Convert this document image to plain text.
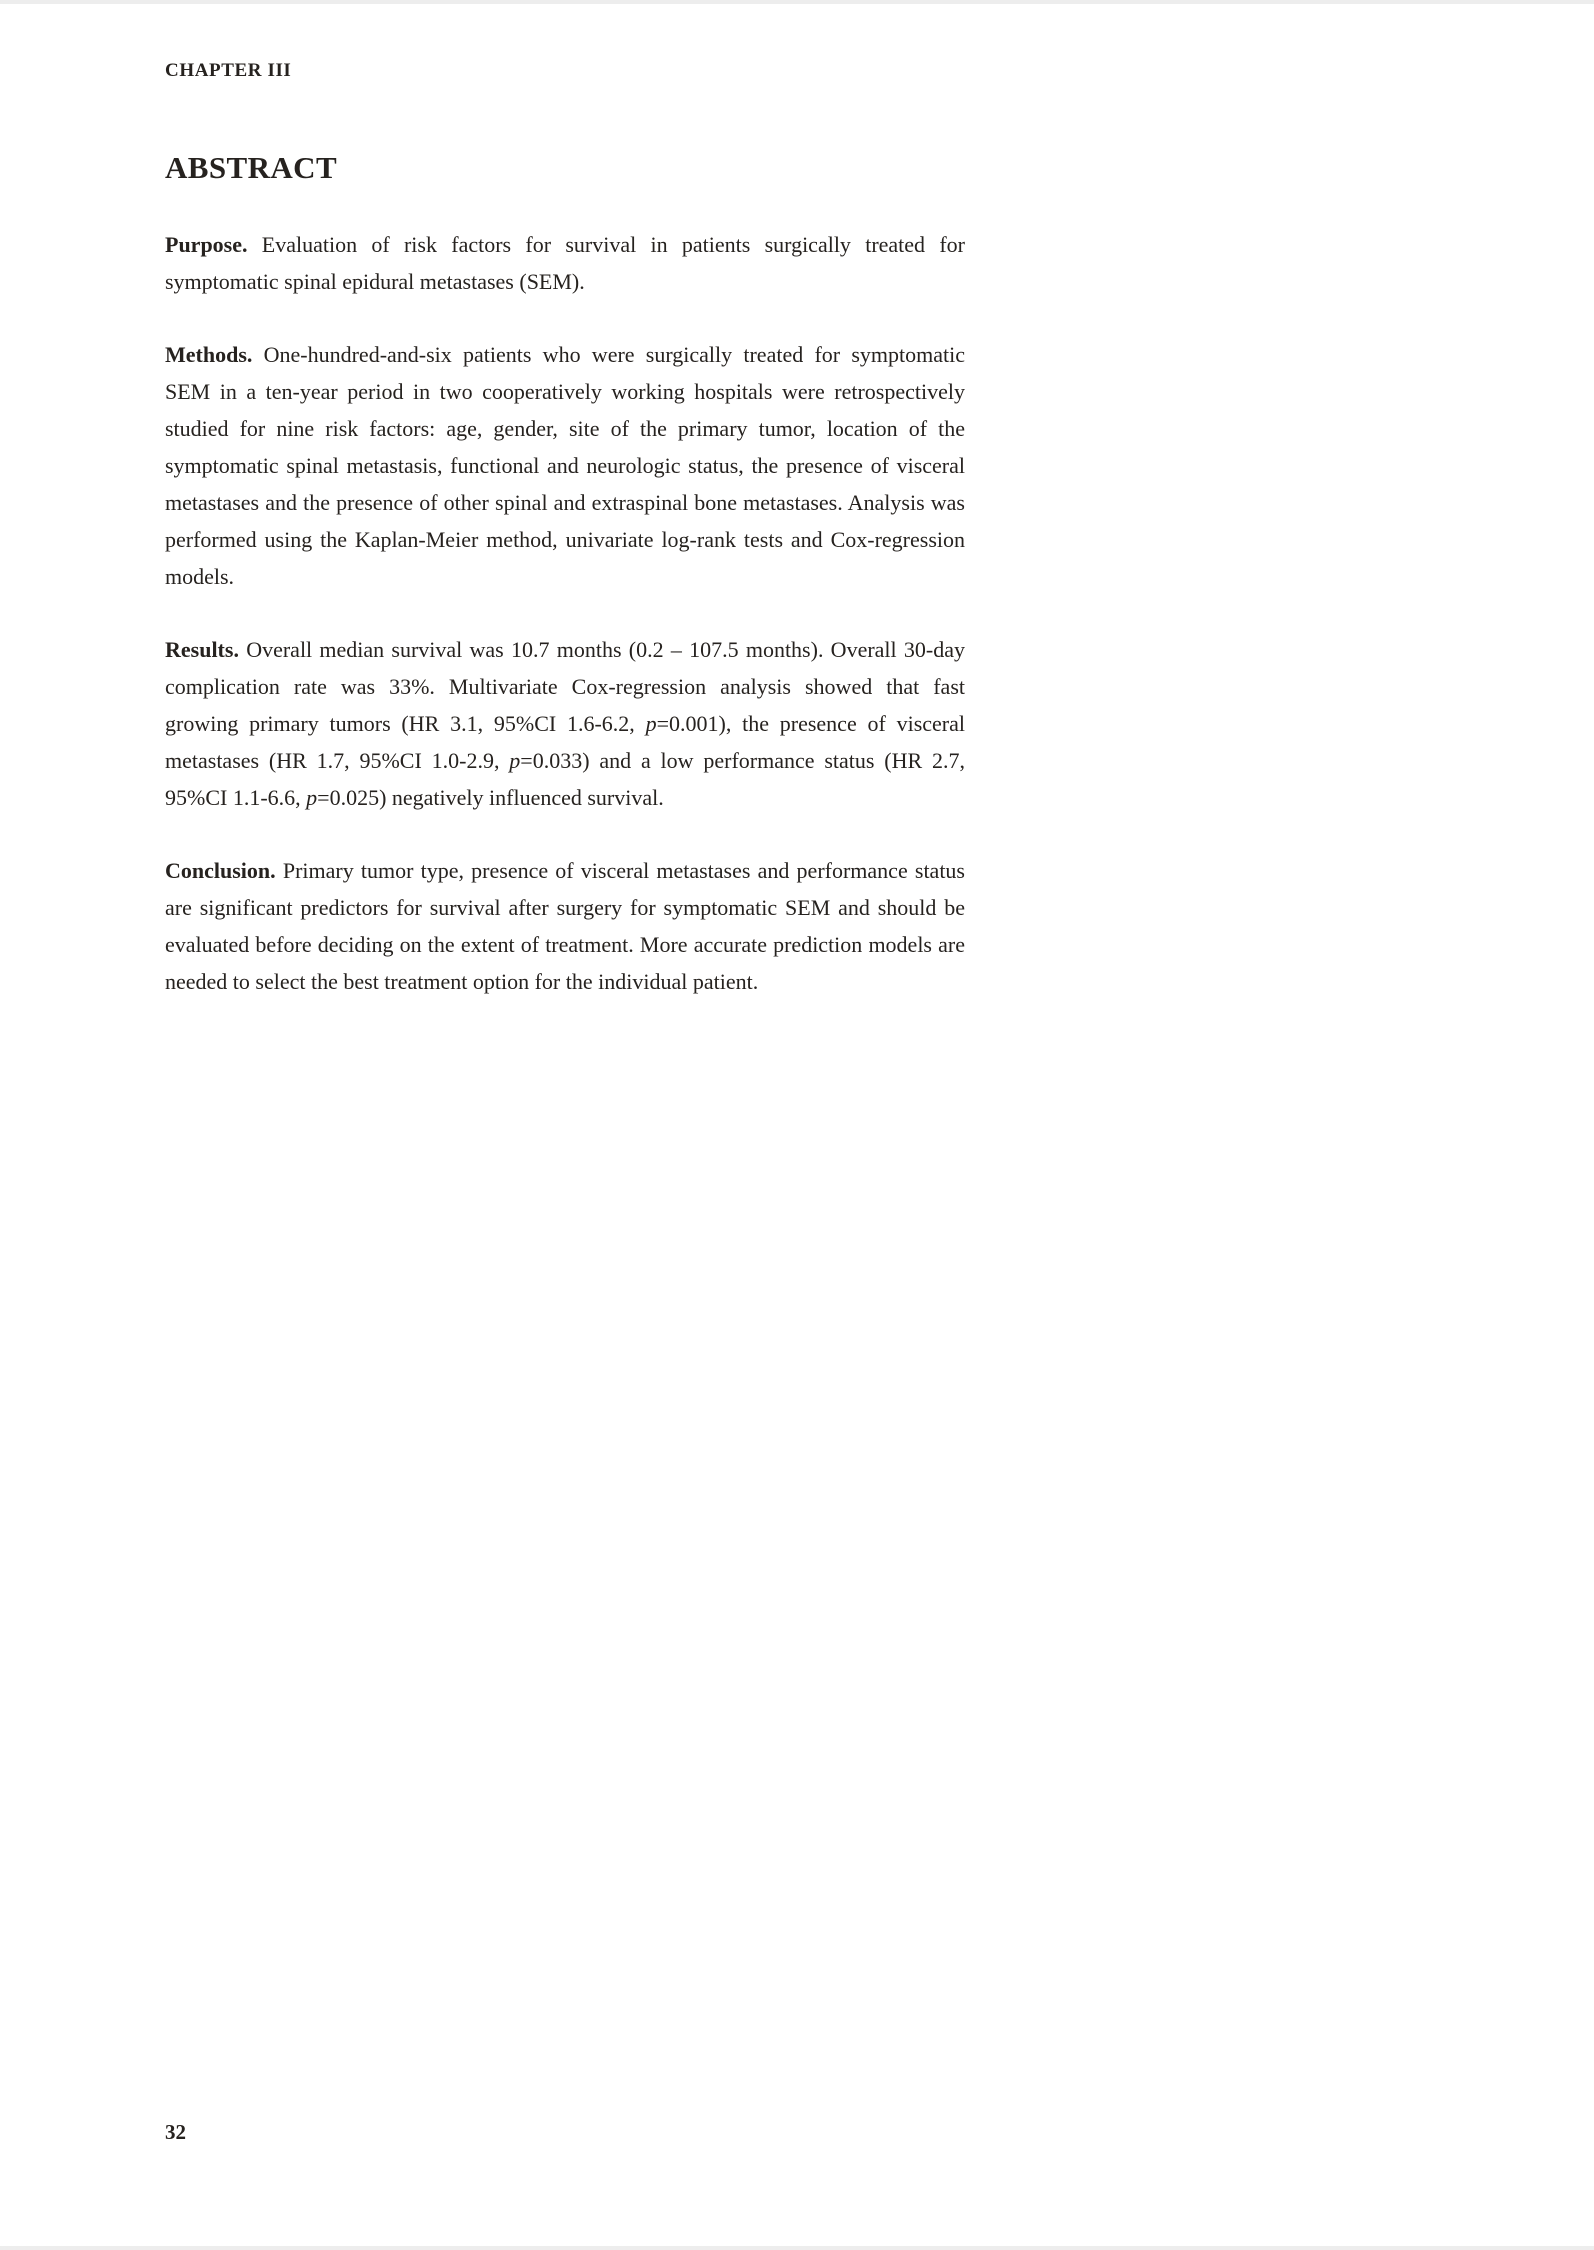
CHAPTER III
ABSTRACT

Purpose. Evaluation of risk factors for survival in patients surgically treated for symptomatic spinal epidural metastases (SEM).

Methods. One-hundred-and-six patients who were surgically treated for symptomatic SEM in a ten-year period in two cooperatively working hospitals were retrospectively studied for nine risk factors: age, gender, site of the primary tumor, location of the symptomatic spinal metastasis, functional and neurologic status, the presence of visceral metastases and the presence of other spinal and extraspinal bone metastases. Analysis was performed using the Kaplan-Meier method, univariate log-rank tests and Cox-regression models.

Results. Overall median survival was 10.7 months (0.2 – 107.5 months). Overall 30-day complication rate was 33%. Multivariate Cox-regression analysis showed that fast growing primary tumors (HR 3.1, 95%CI 1.6-6.2, p=0.001), the presence of visceral metastases (HR 1.7, 95%CI 1.0-2.9, p=0.033) and a low performance status (HR 2.7, 95%CI 1.1-6.6, p=0.025) negatively influenced survival.

Conclusion. Primary tumor type, presence of visceral metastases and performance status are significant predictors for survival after surgery for symptomatic SEM and should be evaluated before deciding on the extent of treatment. More accurate prediction models are needed to select the best treatment option for the individual patient.

32
